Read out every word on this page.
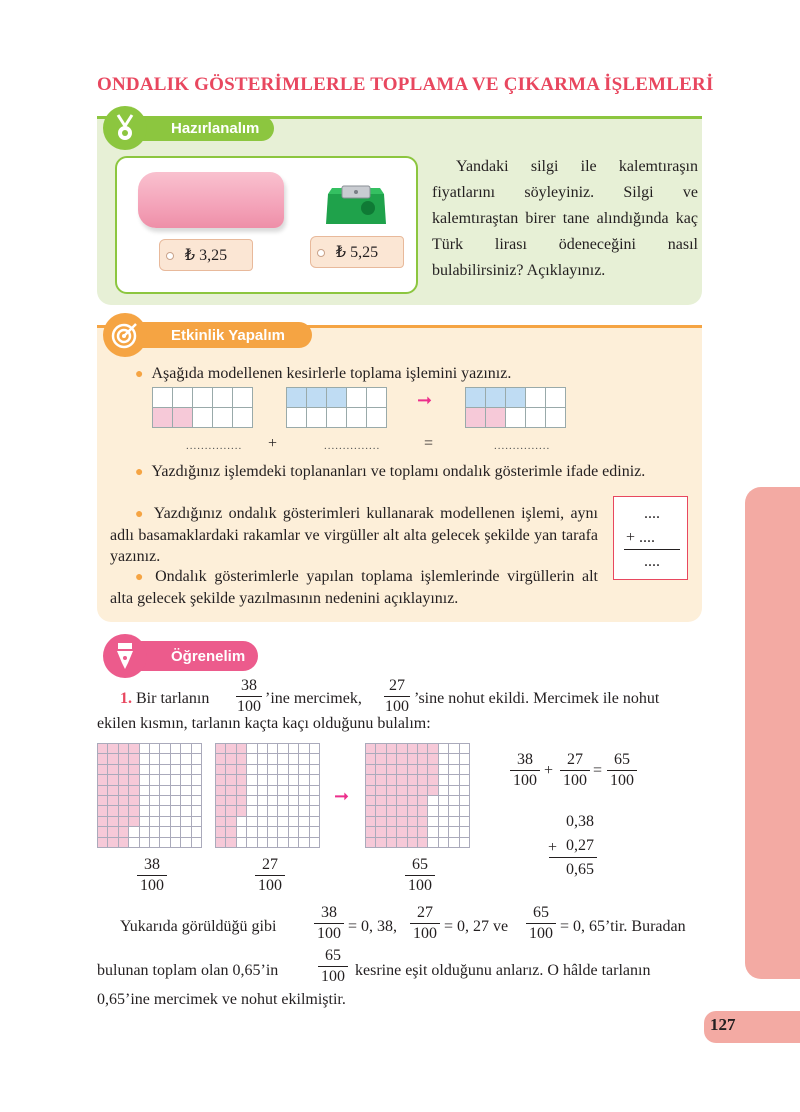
ONDALIK GÖSTERİMLERLE TOPLAMA VE ÇIKARMA İŞLEMLERİ
127
Hazırlanalım
₺ 3,25	₺ 5,25
Yandaki silgi ile kalemtıraşın fiyatlarını söyleyiniz. Silgi ve kalemtıraştan birer tane alındığında kaç Türk lirası ödeneceğini nasıl bulabilirsiniz? Açıklayınız.
Etkinlik Yapalım
● Aşağıda modellenen kesirlerle toplama işlemini yazınız.
➞
............... +	...............	=	...............
● Yazdığınız işlemdeki toplananları ve toplamı ondalık gösterimle ifade ediniz.
● Yazdığınız ondalık gösterimleri kullanarak modellenen işlemi, aynı adlı basamaklardaki rakamlar ve virgüller alt alta gelecek şekilde yan tarafa yazınız.
● Ondalık gösterimlerle yapılan toplama işlemlerinde virgüllerin alt alta gelecek şekilde yazılmasının nedenini açıklayınız.
....
+ ....
....
Öğrenelim
1. Bir tarlanın
38
100 ’ine mercimek,
27
100 ’sine nohut ekildi. Mercimek ile nohut
ekilen kısmın, tarlanın kaçta kaçı olduğunu bulalım:
➞
38
100
27
100
65
100
38
100
+
27
100
=
65
100
0,38
+ 0,27
0,65
Yukarıda görüldüğü gibi
38
100 = 0, 38,
27
100 = 0, 27 ve
65
100 = 0, 65’tir. Buradan
bulunan toplam olan 0,65’in
65
100 kesrine eşit olduğunu anlarız. O hâlde tarlanın
0,65’ine mercimek ve nohut ekilmiştir.
